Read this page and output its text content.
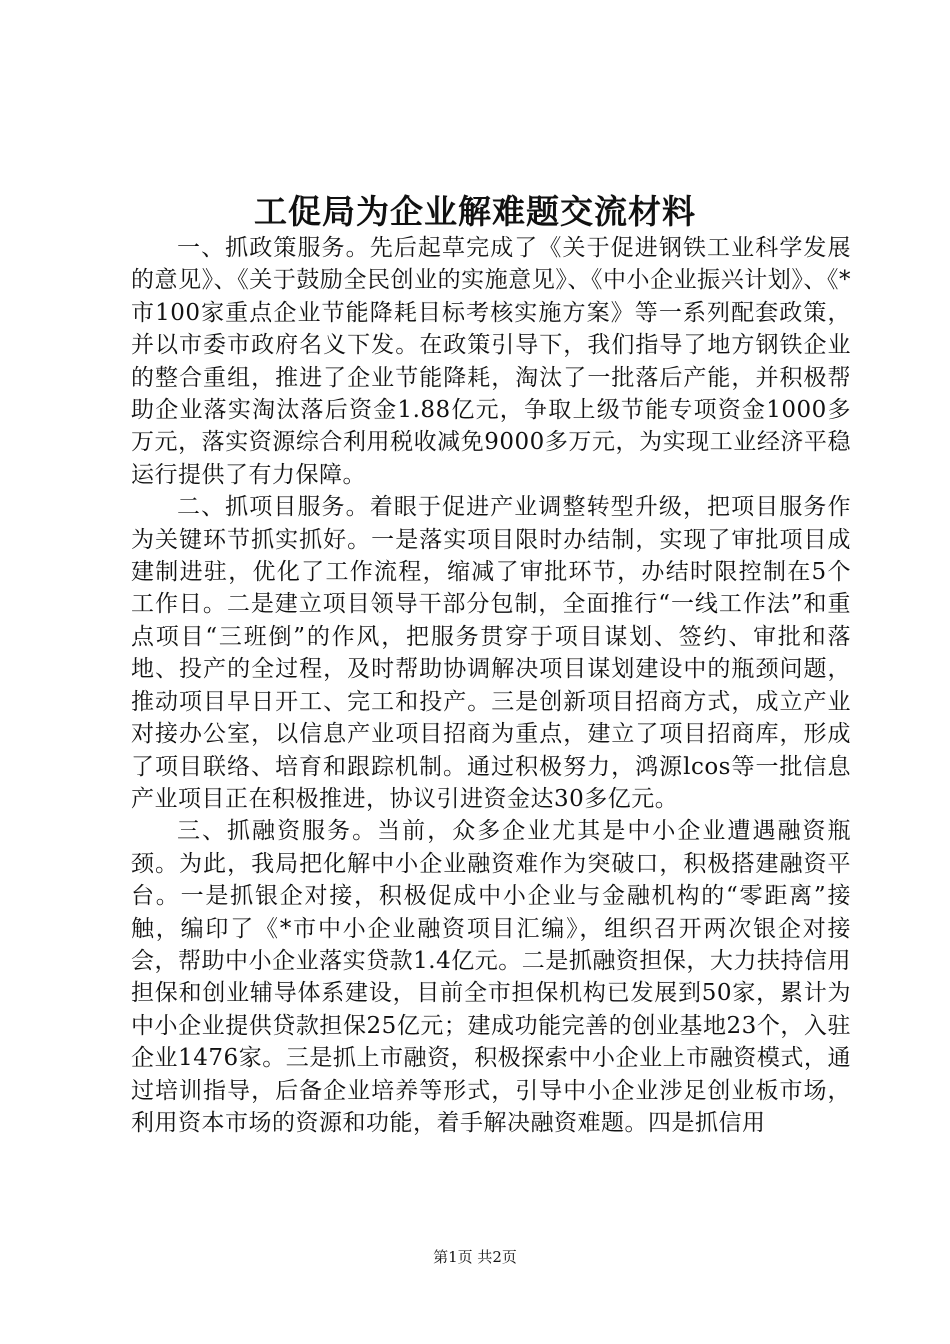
工促局为企业解难题交流材料

一、抓政策服务。先后起草完成了《关于促进钢铁工业科学发展的意见》、《关于鼓励全民创业的实施意见》、《中小企业振兴计划》、《*市100家重点企业节能降耗目标考核实施方案》等一系列配套政策，并以市委市政府名义下发。在政策引导下，我们指导了地方钢铁企业的整合重组，推进了企业节能降耗，淘汰了一批落后产能，并积极帮助企业落实淘汰落后资金1.88亿元，争取上级节能专项资金1000多万元，落实资源综合利用税收减免9000多万元，为实现工业经济平稳运行提供了有力保障。

二、抓项目服务。着眼于促进产业调整转型升级，把项目服务作为关键环节抓实抓好。一是落实项目限时办结制，实现了审批项目成建制进驻，优化了工作流程，缩减了审批环节，办结时限控制在5个工作日。二是建立项目领导干部分包制，全面推行“一线工作法”和重点项目“三班倒”的作风，把服务贯穿于项目谋划、签约、审批和落地、投产的全过程，及时帮助协调解决项目谋划建设中的瓶颈问题，推动项目早日开工、完工和投产。三是创新项目招商方式，成立产业对接办公室，以信息产业项目招商为重点，建立了项目招商库，形成了项目联络、培育和跟踪机制。通过积极努力，鸿源lcos等一批信息产业项目正在积极推进，协议引进资金达30多亿元。

三、抓融资服务。当前，众多企业尤其是中小企业遭遇融资瓶颈。为此，我局把化解中小企业融资难作为突破口，积极搭建融资平台。一是抓银企对接，积极促成中小企业与金融机构的“零距离”接触，编印了《*市中小企业融资项目汇编》，组织召开两次银企对接会，帮助中小企业落实贷款1.4亿元。二是抓融资担保，大力扶持信用担保和创业辅导体系建设，目前全市担保机构已发展到50家，累计为中小企业提供贷款担保25亿元；建成功能完善的创业基地23个，入驻企业1476家。三是抓上市融资，积极探索中小企业上市融资模式，通过培训指导，后备企业培养等形式，引导中小企业涉足创业板市场，利用资本市场的资源和功能，着手解决融资难题。四是抓信用

第1页 共2页
